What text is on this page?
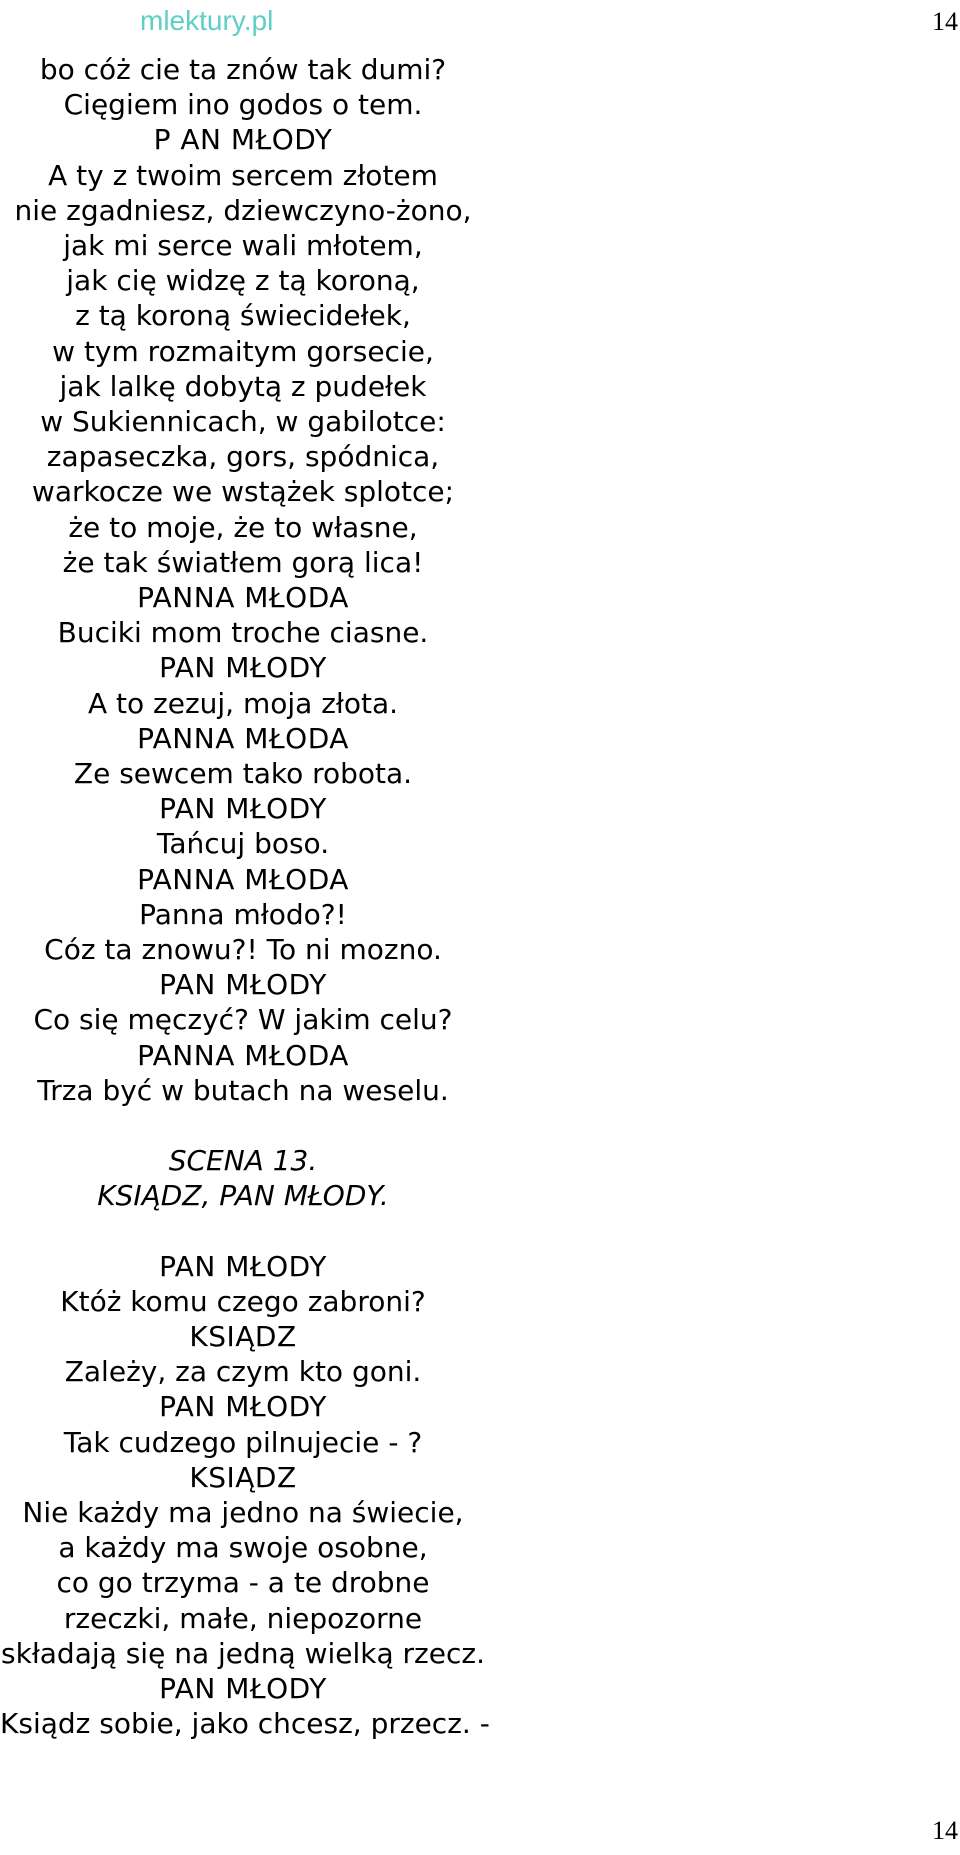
mlektury.pl	14
bo cóż cie ta znów tak dumi?
Cięgiem ino godos o tem.
P AN MŁODY
A ty z twoim sercem złotem
nie zgadniesz, dziewczyno-żono,
jak mi serce wali młotem,
jak cię widzę z tą koroną,
z tą koroną świecidełek,
w tym rozmaitym gorsecie,
jak lalkę dobytą z pudełek
w Sukiennicach, w gabilotce:
zapaseczka, gors, spódnica,
warkocze we wstążek splotce;
że to moje, że to własne,
że tak światłem gorą lica!
PANNA MŁODA
Buciki mom troche ciasne.
PAN MŁODY
A to zezuj, moja złota.
PANNA MŁODA
Ze sewcem tako robota.
PAN MŁODY
Tańcuj boso.
PANNA MŁODA
Panna młodo?!
Cóz ta znowu?! To ni mozno.
PAN MŁODY
Co się męczyć? W jakim celu?
PANNA MŁODA
Trza być w butach na weselu.
SCENA 13.
KSIĄDZ, PAN MŁODY.
PAN MŁODY
Któż komu czego zabroni?
KSIĄDZ
Zależy, za czym kto goni.
PAN MŁODY
Tak cudzego pilnujecie - ?
KSIĄDZ
Nie każdy ma jedno na świecie,
a każdy ma swoje osobne,
co go trzyma - a te drobne
rzeczki, małe, niepozorne
składają się na jedną wielką rzecz.
PAN MŁODY
Ksiądz sobie, jako chcesz, przecz. -
14
